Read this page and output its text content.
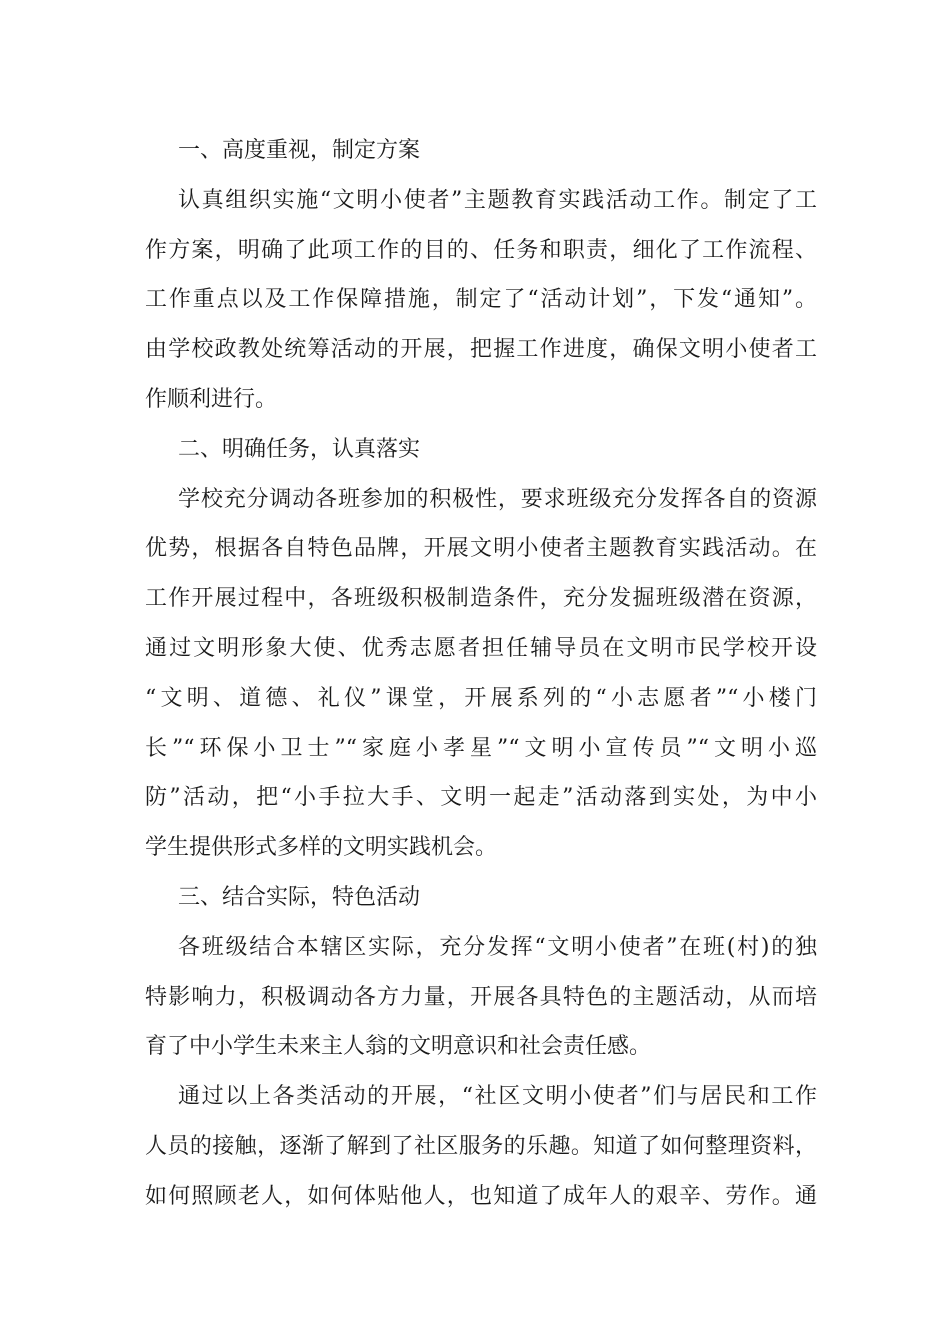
一、高度重视，制定方案
认真组织实施“文明小使者”主题教育实践活动工作。制定了工
作方案，明确了此项工作的目的、任务和职责，细化了工作流程、
工作重点以及工作保障措施，制定了“活动计划”，下发“通知”。
由学校政教处统筹活动的开展，把握工作进度，确保文明小使者工
作顺利进行。
二、明确任务，认真落实
学校充分调动各班参加的积极性，要求班级充分发挥各自的资源
优势，根据各自特色品牌，开展文明小使者主题教育实践活动。在
工作开展过程中，各班级积极制造条件，充分发掘班级潜在资源，
通过文明形象大使、优秀志愿者担任辅导员在文明市民学校开设
“文明、道德、礼仪”课堂，开展系列的“小志愿者”“小楼门
长”“环保小卫士”“家庭小孝星”“文明小宣传员”“文明小巡
防”活动，把“小手拉大手、文明一起走”活动落到实处，为中小
学生提供形式多样的文明实践机会。
三、结合实际，特色活动
各班级结合本辖区实际，充分发挥“文明小使者”在班(村)的独
特影响力，积极调动各方力量，开展各具特色的主题活动，从而培
育了中小学生未来主人翁的文明意识和社会责任感。
通过以上各类活动的开展，“社区文明小使者”们与居民和工作
人员的接触，逐渐了解到了社区服务的乐趣。知道了如何整理资料，
如何照顾老人，如何体贴他人，也知道了成年人的艰辛、劳作。通
